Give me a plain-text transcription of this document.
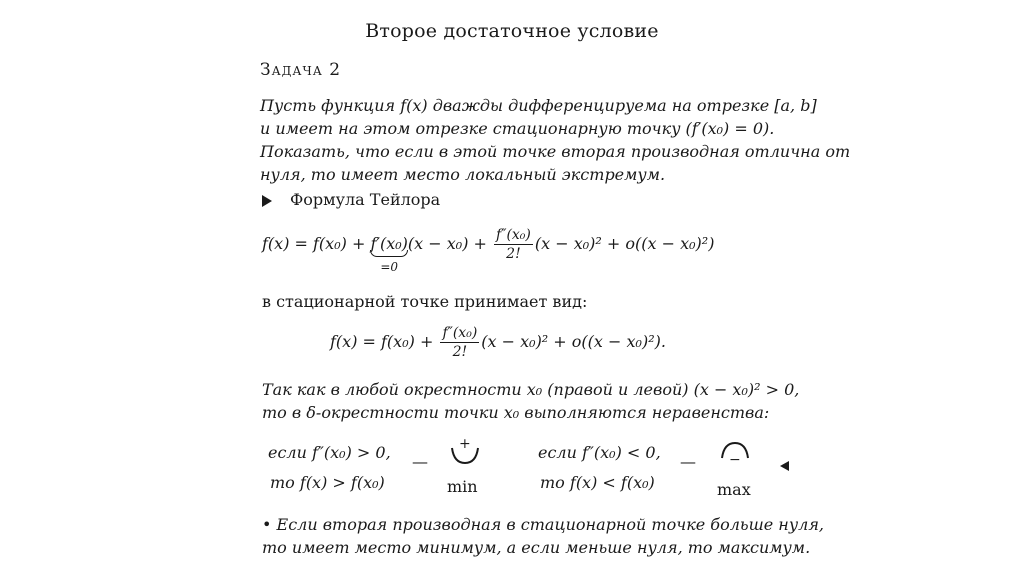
Второе достаточное условие
Задача 2
Пусть функция f(x) дважды дифференцируема на отрезке [a, b]
и имеет на этом отрезке стационарную точку (f′(x₀) = 0).
Показать, что если в этой точке вторая производная отлична от
нуля, то имеет место локальный экстремум.
Формула Тейлора
f(x) = f(x₀) + f′(x₀)
=0
$(x - x_0) + \frac{\text{f″(x₀)}}{2!} (x - x_0)^2 + o((x - x_0)^2)$
в стационарной точке принимает вид:
$f(x) = f(x_0) + \frac{\text{f″(x₀)}}{2!} (x - x_0)^2 + o((x - x_0)^2)$.
Так как в любой окрестности x₀ (правой и левой) (x − x₀)² > 0,
то в δ-окрестности точки x₀ выполняются неравенства:
если f″(x₀) > 0,
то f(x) > f(x₀)
—
+
min
если f″(x₀) < 0,
то f(x) < f(x₀)
— −
max
• Если вторая производная в стационарной точке больше нуля,
то имеет место минимум, а если меньше нуля, то максимум.
